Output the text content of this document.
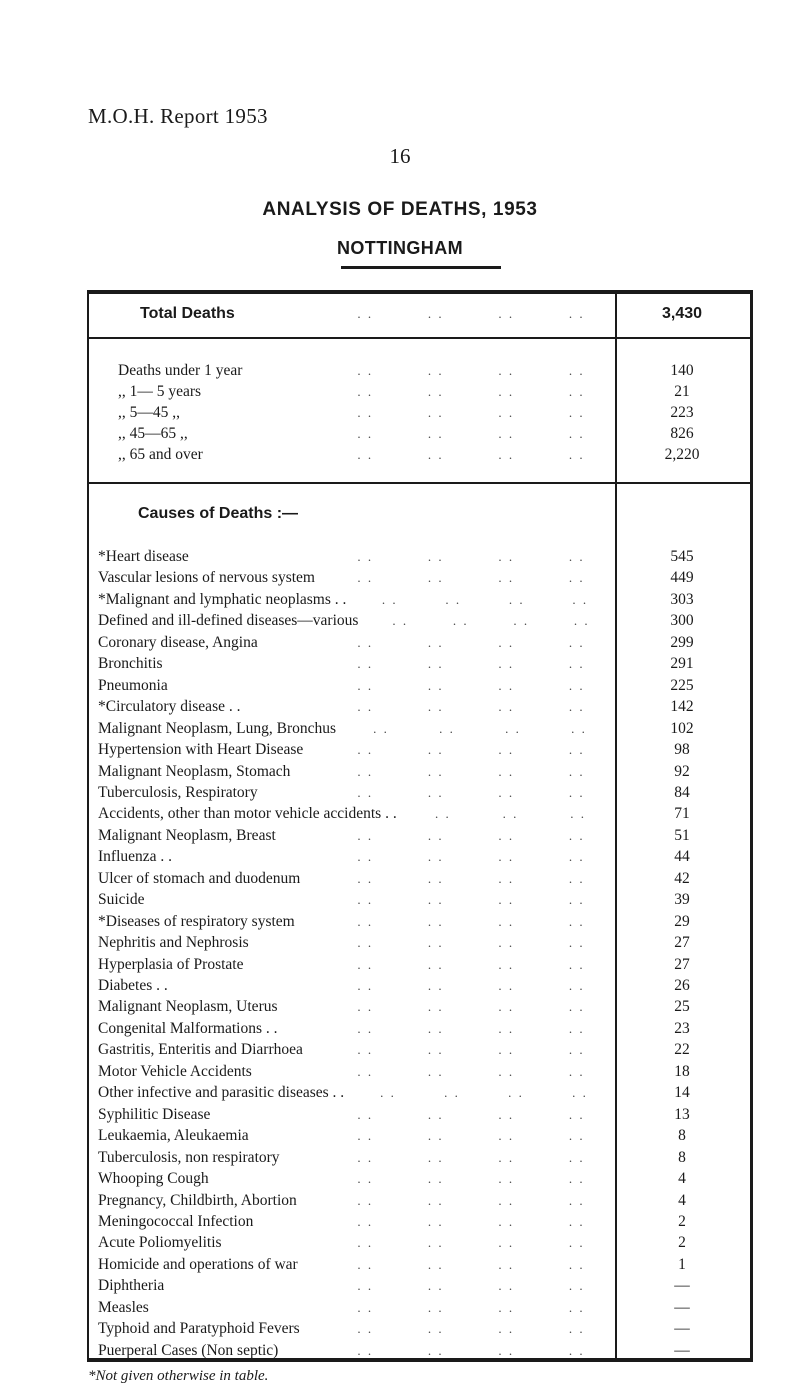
M.O.H. Report 1953
16
ANALYSIS OF DEATHS, 1953
NOTTINGHAM
Total Deaths	. .	. .	. .	. .	3,430
Deaths under 1 year	. .	. .	. .	. .	140
,, 1— 5 years	. .	. .	. .	. .	21
,, 5—45 ,,	. .	. .	. .	. .	223
,, 45—65 ,,	. .	. .	. .	. .	826
,, 65 and over	. .	. .	. .	. .	2,220
Causes of Deaths :—
*Heart disease	. .	. .	. .	. .	545
Vascular lesions of nervous system	. .	. .	. .	. .	449
*Malignant and lymphatic neoplasms . .	. .	. .	. .	. .	303
Defined and ill-defined diseases—various	. .	. .	. .	. .	300
Coronary disease, Angina	. .	. .	. .	. .	299
Bronchitis	. .	. .	. .	. .	291
Pneumonia	. .	. .	. .	. .	225
*Circulatory disease . .	. .	. .	. .	. .	142
Malignant Neoplasm, Lung, Bronchus	. .	. .	. .	. .	102
Hypertension with Heart Disease	. .	. .	. .	. .	98
Malignant Neoplasm, Stomach	. .	. .	. .	. .	92
Tuberculosis, Respiratory	. .	. .	. .	. .	84
Accidents, other than motor vehicle accidents . .	. .	. .	. .	71
Malignant Neoplasm, Breast	. .	. .	. .	. .	51
Influenza . .	. .	. .	. .	. .	44
Ulcer of stomach and duodenum	. .	. .	. .	. .	42
Suicide	. .	. .	. .	. .	39
*Diseases of respiratory system	. .	. .	. .	. .	29
Nephritis and Nephrosis	. .	. .	. .	. .	27
Hyperplasia of Prostate	. .	. .	. .	. .	27
Diabetes . .	. .	. .	. .	. .	26
Malignant Neoplasm, Uterus	. .	. .	. .	. .	25
Congenital Malformations . .	. .	. .	. .	. .	23
Gastritis, Enteritis and Diarrhoea	. .	. .	. .	. .	22
Motor Vehicle Accidents	. .	. .	. .	. .	18
Other infective and parasitic diseases . .	. .	. .	. .	. .	14
Syphilitic Disease	. .	. .	. .	. .	13
Leukaemia, Aleukaemia	. .	. .	. .	. .	8
Tuberculosis, non respiratory	. .	. .	. .	. .	8
Whooping Cough	. .	. .	. .	. .	4
Pregnancy, Childbirth, Abortion	. .	. .	. .	. .	4
Meningococcal Infection	. .	. .	. .	. .	2
Acute Poliomyelitis	. .	. .	. .	. .	2
Homicide and operations of war	. .	. .	. .	. .	1
Diphtheria	. .	. .	. .	. .	—
Measles	. .	. .	. .	. .	—
Typhoid and Paratyphoid Fevers	. .	. .	. .	. .	—
Puerperal Cases (Non septic)	. .	. .	. .	. .	—
*Not given otherwise in table.
